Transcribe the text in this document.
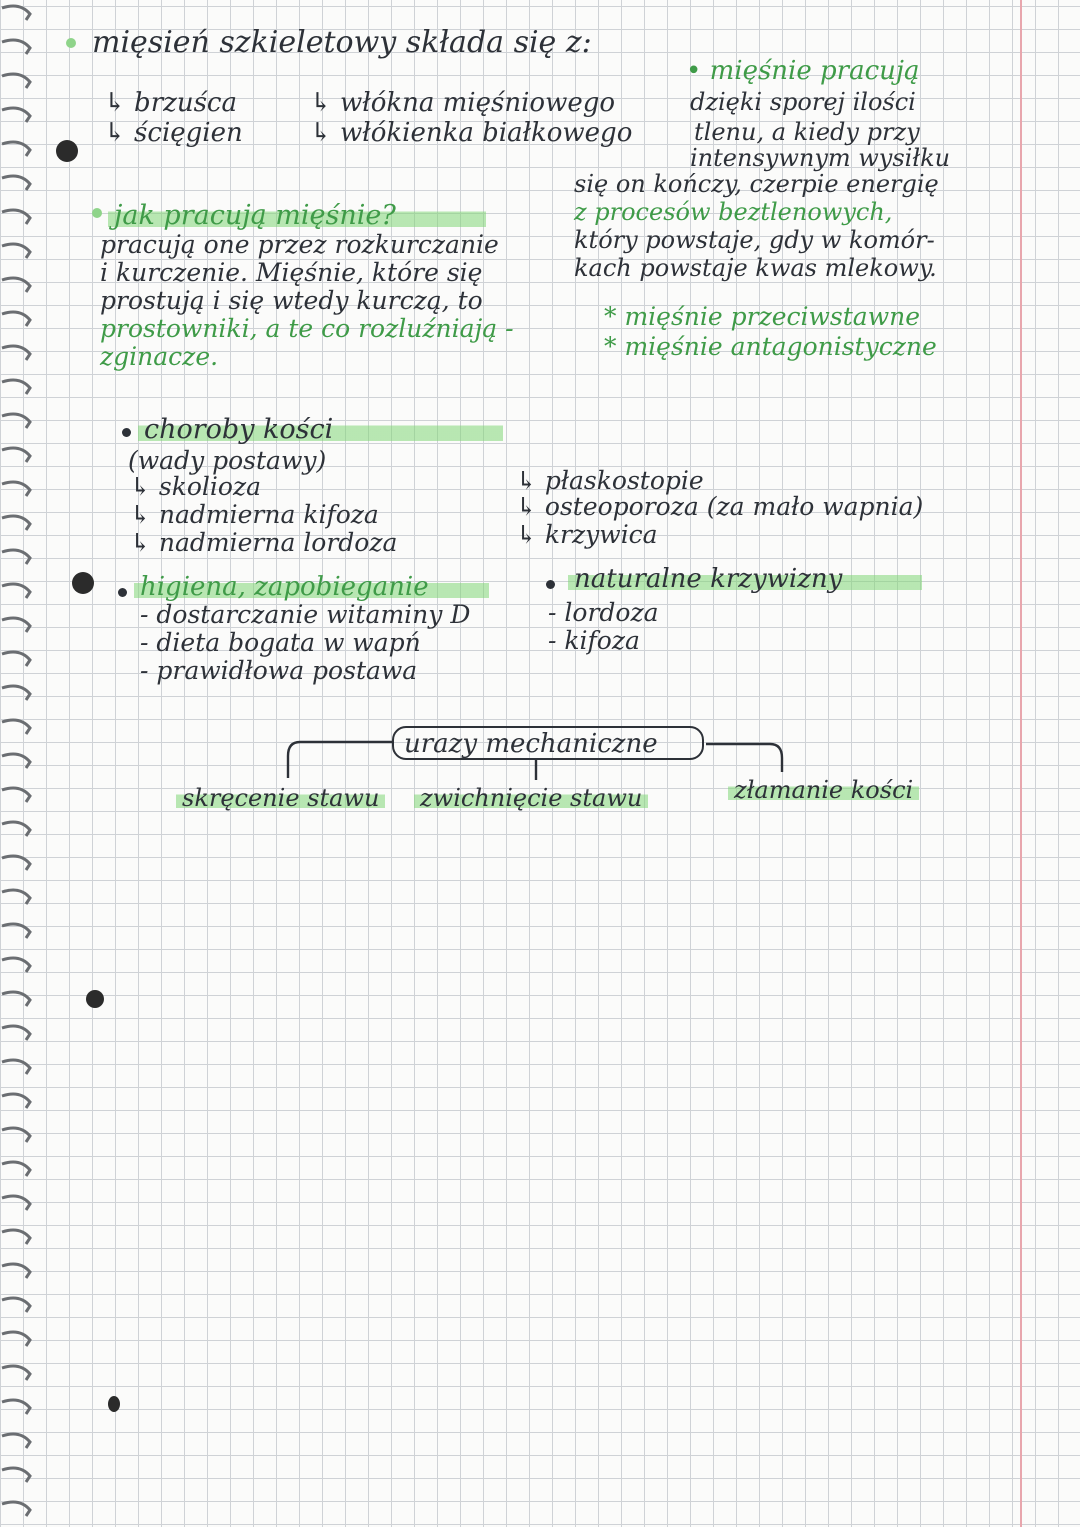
mięsień szkieletowy składa się z:
↳ brzuśca
↳ ścięgien
↳ włókna mięśniowego
↳ włókienka białkowego
• mięśnie pracują
dzięki sporej ilości
tlenu, a kiedy przy
intensywnym wysiłku
się on kończy, czerpie energię
z procesów beztlenowych,
który powstaje, gdy w komór-
kach powstaje kwas mlekowy.
jak pracują mięśnie?
pracują one przez rozkurczanie
i kurczenie. Mięśnie, które się
prostują i się wtedy kurczą, to
prostowniki, a te co rozluźniają -
zginacze.
* mięśnie przeciwstawne
* mięśnie antagonistyczne
choroby kości
(wady postawy)
↳ skolioza
↳ nadmierna kifoza
↳ nadmierna lordoza
↳ płaskostopie
↳ osteoporoza (za mało wapnia)
↳ krzywica
higiena, zapobieganie
- dostarczanie witaminy D
- dieta bogata w wapń
- prawidłowa postawa
naturalne krzywizny
- lordoza
- kifoza
urazy mechaniczne
skręcenie stawu zwichnięcie stawu	złamanie kości
